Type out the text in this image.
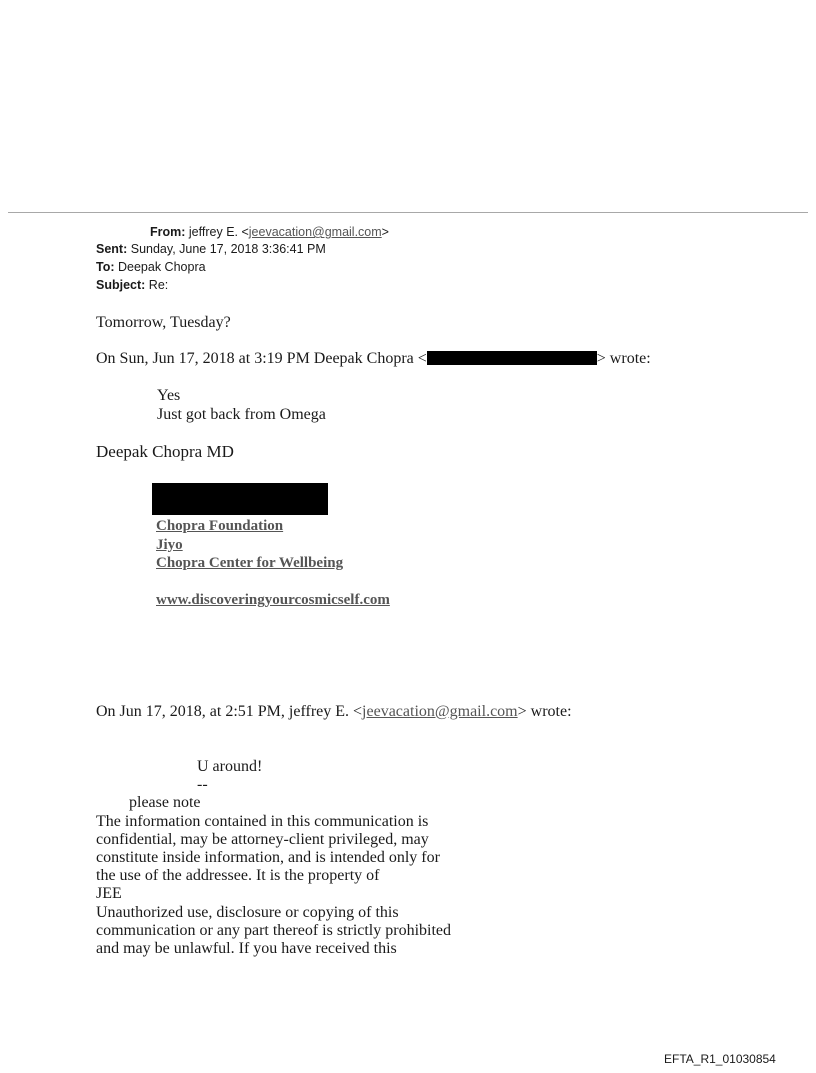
From: jeffrey E. <jeevacation@gmail.com>
Sent: Sunday, June 17, 2018 3:36:41 PM
To: Deepak Chopra
Subject: Re:
Tomorrow, Tuesday?
On Sun, Jun 17, 2018 at 3:19 PM Deepak Chopra <	> wrote:
Yes
Just got back from Omega
Deepak Chopra MD
Chopra Foundation
Jiyo
Chopra Center for Wellbeing
www.discoveringyourcosmicself.com
On Jun 17, 2018, at 2:51 PM, jeffrey E. <jeevacation@gmail.com> wrote:
U around!
--
please note
The information contained in this communication is
confidential, may be attorney-client privileged, may
constitute inside information, and is intended only for
the use of the addressee. It is the property of
JEE
Unauthorized use, disclosure or copying of this
communication or any part thereof is strictly prohibited
and may be unlawful. If you have received this
EFTA_R1_01030854
